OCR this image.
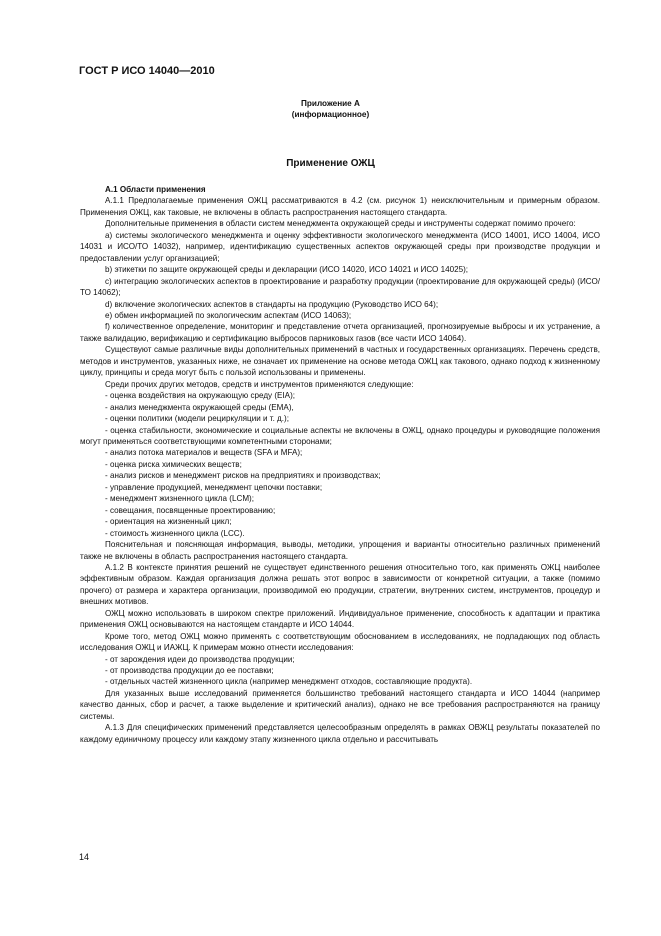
ГОСТ Р ИСО 14040—2010
Приложение А
(информационное)
Применение ОЖЦ

А.1 Области применения

А.1.1 Предполагаемые применения ОЖЦ рассматриваются в 4.2 (см. рисунок 1) неисключительным и примерным образом. Применения ОЖЦ, как таковые, не включены в область распространения настоящего стандарта.

Дополнительные применения в области систем менеджмента окружающей среды и инструменты содержат помимо прочего:

а) системы экологического менеджмента и оценку эффективности экологического менеджмента (ИСО 14001, ИСО 14004, ИСО 14031 и ИСО/ТО 14032), например, идентификацию существенных аспектов окружающей среды при производстве продукции и предоставлении услуг организацией;

b) этикетки по защите окружающей среды и декларации (ИСО 14020, ИСО 14021 и ИСО 14025);

c) интеграцию экологических аспектов в проектирование и разработку продукции (проектирование для окружающей среды) (ИСО/ТО 14062);

d) включение экологических аспектов в стандарты на продукцию (Руководство ИСО 64);

e) обмен информацией по экологическим аспектам (ИСО 14063);

f) количественное определение, мониторинг и представление отчета организацией, прогнозируемые выбросы и их устранение, а также валидацию, верификацию и сертификацию выбросов парниковых газов (все части ИСО 14064).

Существуют самые различные виды дополнительных применений в частных и государственных организациях. Перечень средств, методов и инструментов, указанных ниже, не означает их применение на основе метода ОЖЦ как такового, однако подход к жизненному циклу, принципы и среда могут быть с пользой использованы и применены.

Среди прочих других методов, средств и инструментов применяются следующие:

- оценка воздействия на окружающую среду (EIA);

- анализ менеджмента окружающей среды (EMA),

- оценки политики (модели рециркуляции и т. д.);

- оценка стабильности, экономические и социальные аспекты не включены в ОЖЦ, однако процедуры и руководящие положения могут применяться соответствующими компетентными сторонами;

- анализ потока материалов и веществ (SFA и MFA);

- оценка риска химических веществ;

- анализ рисков и менеджмент рисков на предприятиях и производствах;

- управление продукцией, менеджмент цепочки поставки;

- менеджмент жизненного цикла (LCM);

- совещания, посвященные проектированию;

- ориентация на жизненный цикл;

- стоимость жизненного цикла (LCC).

Пояснительная и поясняющая информация, выводы, методики, упрощения и варианты относительно различных применений также не включены в область распространения настоящего стандарта.

А.1.2 В контексте принятия решений не существует единственного решения относительно того, как применять ОЖЦ наиболее эффективным образом. Каждая организация должна решать этот вопрос в зависимости от конкретной ситуации, а также (помимо прочего) от размера и характера организации, производимой ею продукции, стратегии, внутренних систем, инструментов, процедур и внешних мотивов.

ОЖЦ можно использовать в широком спектре приложений. Индивидуальное применение, способность к адаптации и практика применения ОЖЦ основываются на настоящем стандарте и ИСО 14044.

Кроме того, метод ОЖЦ можно применять с соответствующим обоснованием в исследованиях, не подпадающих под область исследования ОЖЦ и ИАЖЦ. К примерам можно отнести исследования:

- от зарождения идеи до производства продукции;

- от производства продукции до ее поставки;

- отдельных частей жизненного цикла (например менеджмент отходов, составляющие продукта).

Для указанных выше исследований применяется большинство требований настоящего стандарта и ИСО 14044 (например качество данных, сбор и расчет, а также выделение и критический анализ), однако не все требования распространяются на границу системы.

А.1.3 Для специфических применений представляется целесообразным определять в рамках ОВЖЦ результаты показателей по каждому единичному процессу или каждому этапу жизненного цикла отдельно и рассчитывать

14
